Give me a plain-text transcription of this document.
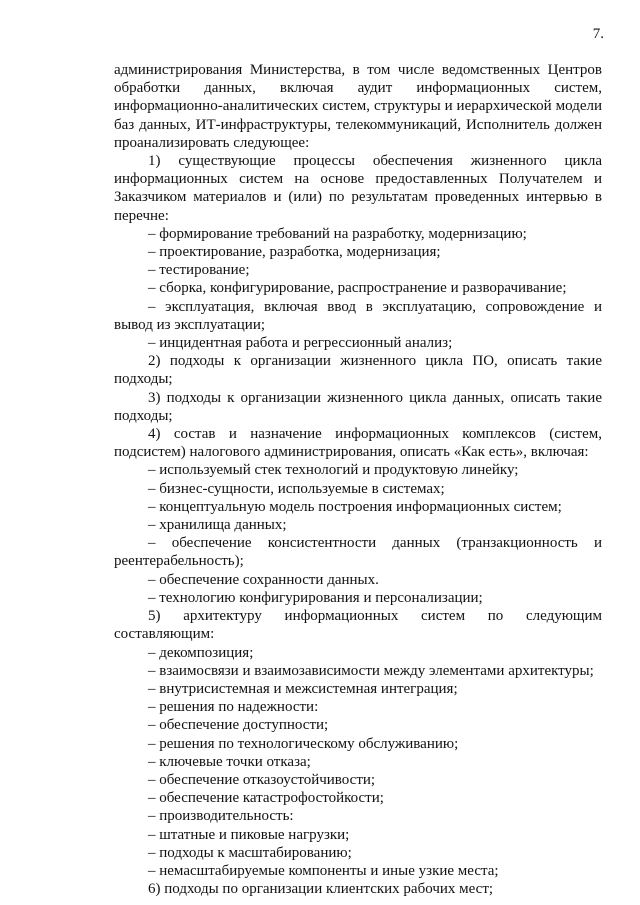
7.

администрирования Министерства, в том числе ведомственных Центров обработки данных, включая аудит информационных систем, информационно-аналитических систем, структуры и иерархической модели баз данных, ИТ-инфраструктуры, телекоммуникаций, Исполнитель должен проанализировать следующее:

1) существующие процессы обеспечения жизненного цикла информационных систем на основе предоставленных Получателем и Заказчиком материалов и (или) по результатам проведенных интервью в перечне:

– формирование требований на разработку, модернизацию;

– проектирование, разработка, модернизация;

– тестирование;

– сборка, конфигурирование, распространение и разворачивание;

– эксплуатация, включая ввод в эксплуатацию, сопровождение и вывод из эксплуатации;

– инцидентная работа и регрессионный анализ;

2) подходы к организации жизненного цикла ПО, описать такие подходы;

3) подходы к организации жизненного цикла данных, описать такие подходы;

4) состав и назначение информационных комплексов (систем, подсистем) налогового администрирования, описать «Как есть», включая:

– используемый стек технологий и продуктовую линейку;

– бизнес-сущности, используемые в системах;

– концептуальную модель построения информационных систем;

– хранилища данных;

– обеспечение консистентности данных (транзакционность и реентерабельность);

– обеспечение сохранности данных.

– технологию конфигурирования и персонализации;

5) архитектуру информационных систем по следующим составляющим:

– декомпозиция;

– взаимосвязи и взаимозависимости между элементами архитектуры;

– внутрисистемная и межсистемная интеграция;

– решения по надежности:

– обеспечение доступности;

– решения по технологическому обслуживанию;

– ключевые точки отказа;

– обеспечение отказоустойчивости;

– обеспечение катастрофостойкости;

– производительность:

– штатные и пиковые нагрузки;

– подходы к масштабированию;

– немасштабируемые компоненты и иные узкие места;

6) подходы по организации клиентских рабочих мест;
